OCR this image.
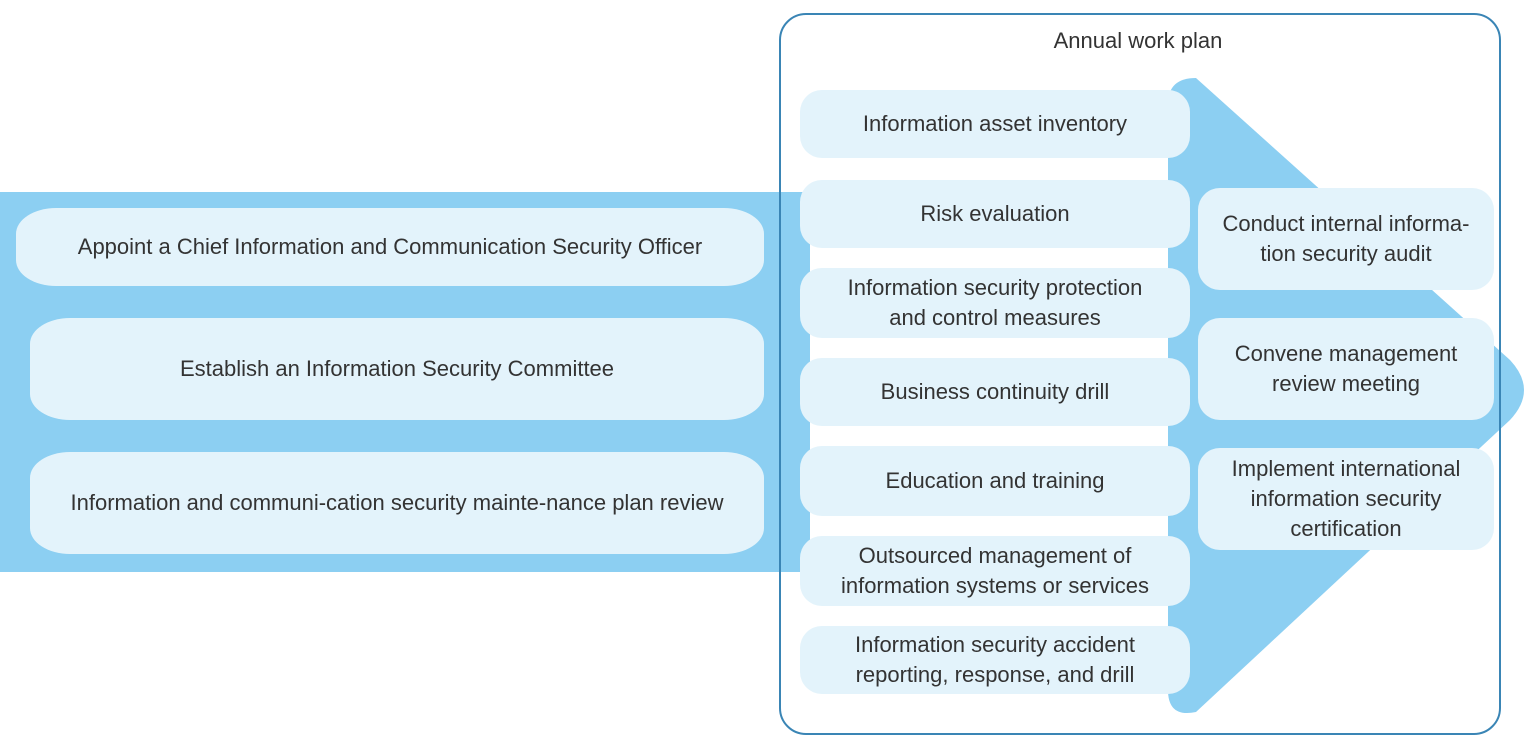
Appoint a Chief Information and Communication Security Officer
Establish an Information Security Committee
Information and communi-cation security mainte-nance plan review
Annual work plan
Information asset inventory
Risk evaluation
Information security protection and control measures
Business continuity drill
Education and training
Outsourced management of information systems or services
Information security accident reporting, response, and drill
Conduct internal informa-tion security audit
Convene management review meeting
Implement international information security certification
